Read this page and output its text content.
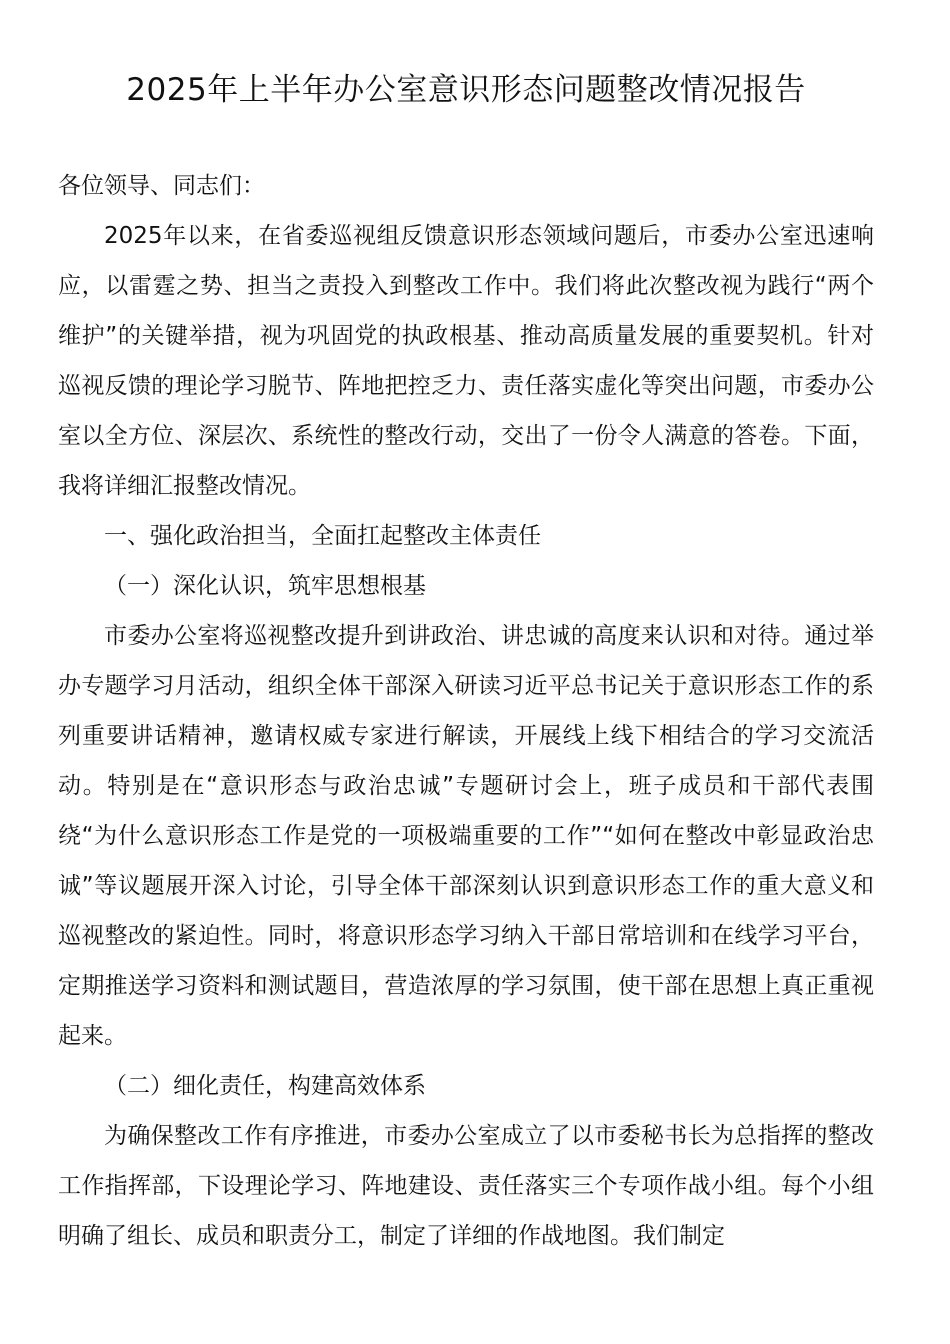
2025年上半年办公室意识形态问题整改情况报告

各位领导、同志们：

2025年以来，在省委巡视组反馈意识形态领域问题后，市委办公室迅速响应，以雷霆之势、担当之责投入到整改工作中。我们将此次整改视为践行“两个维护”的关键举措，视为巩固党的执政根基、推动高质量发展的重要契机。针对巡视反馈的理论学习脱节、阵地把控乏力、责任落实虚化等突出问题，市委办公室以全方位、深层次、系统性的整改行动，交出了一份令人满意的答卷。下面，我将详细汇报整改情况。

一、强化政治担当，全面扛起整改主体责任

（一）深化认识，筑牢思想根基

市委办公室将巡视整改提升到讲政治、讲忠诚的高度来认识和对待。通过举办专题学习月活动，组织全体干部深入研读习近平总书记关于意识形态工作的系列重要讲话精神，邀请权威专家进行解读，开展线上线下相结合的学习交流活动。特别是在“意识形态与政治忠诚”专题研讨会上，班子成员和干部代表围绕“为什么意识形态工作是党的一项极端重要的工作”“如何在整改中彰显政治忠诚”等议题展开深入讨论，引导全体干部深刻认识到意识形态工作的重大意义和巡视整改的紧迫性。同时，将意识形态学习纳入干部日常培训和在线学习平台，定期推送学习资料和测试题目，营造浓厚的学习氛围，使干部在思想上真正重视起来。

（二）细化责任，构建高效体系

为确保整改工作有序推进，市委办公室成立了以市委秘书长为总指挥的整改工作指挥部，下设理论学习、阵地建设、责任落实三个专项作战小组。每个小组明确了组长、成员和职责分工，制定了详细的作战地图。我们制定
